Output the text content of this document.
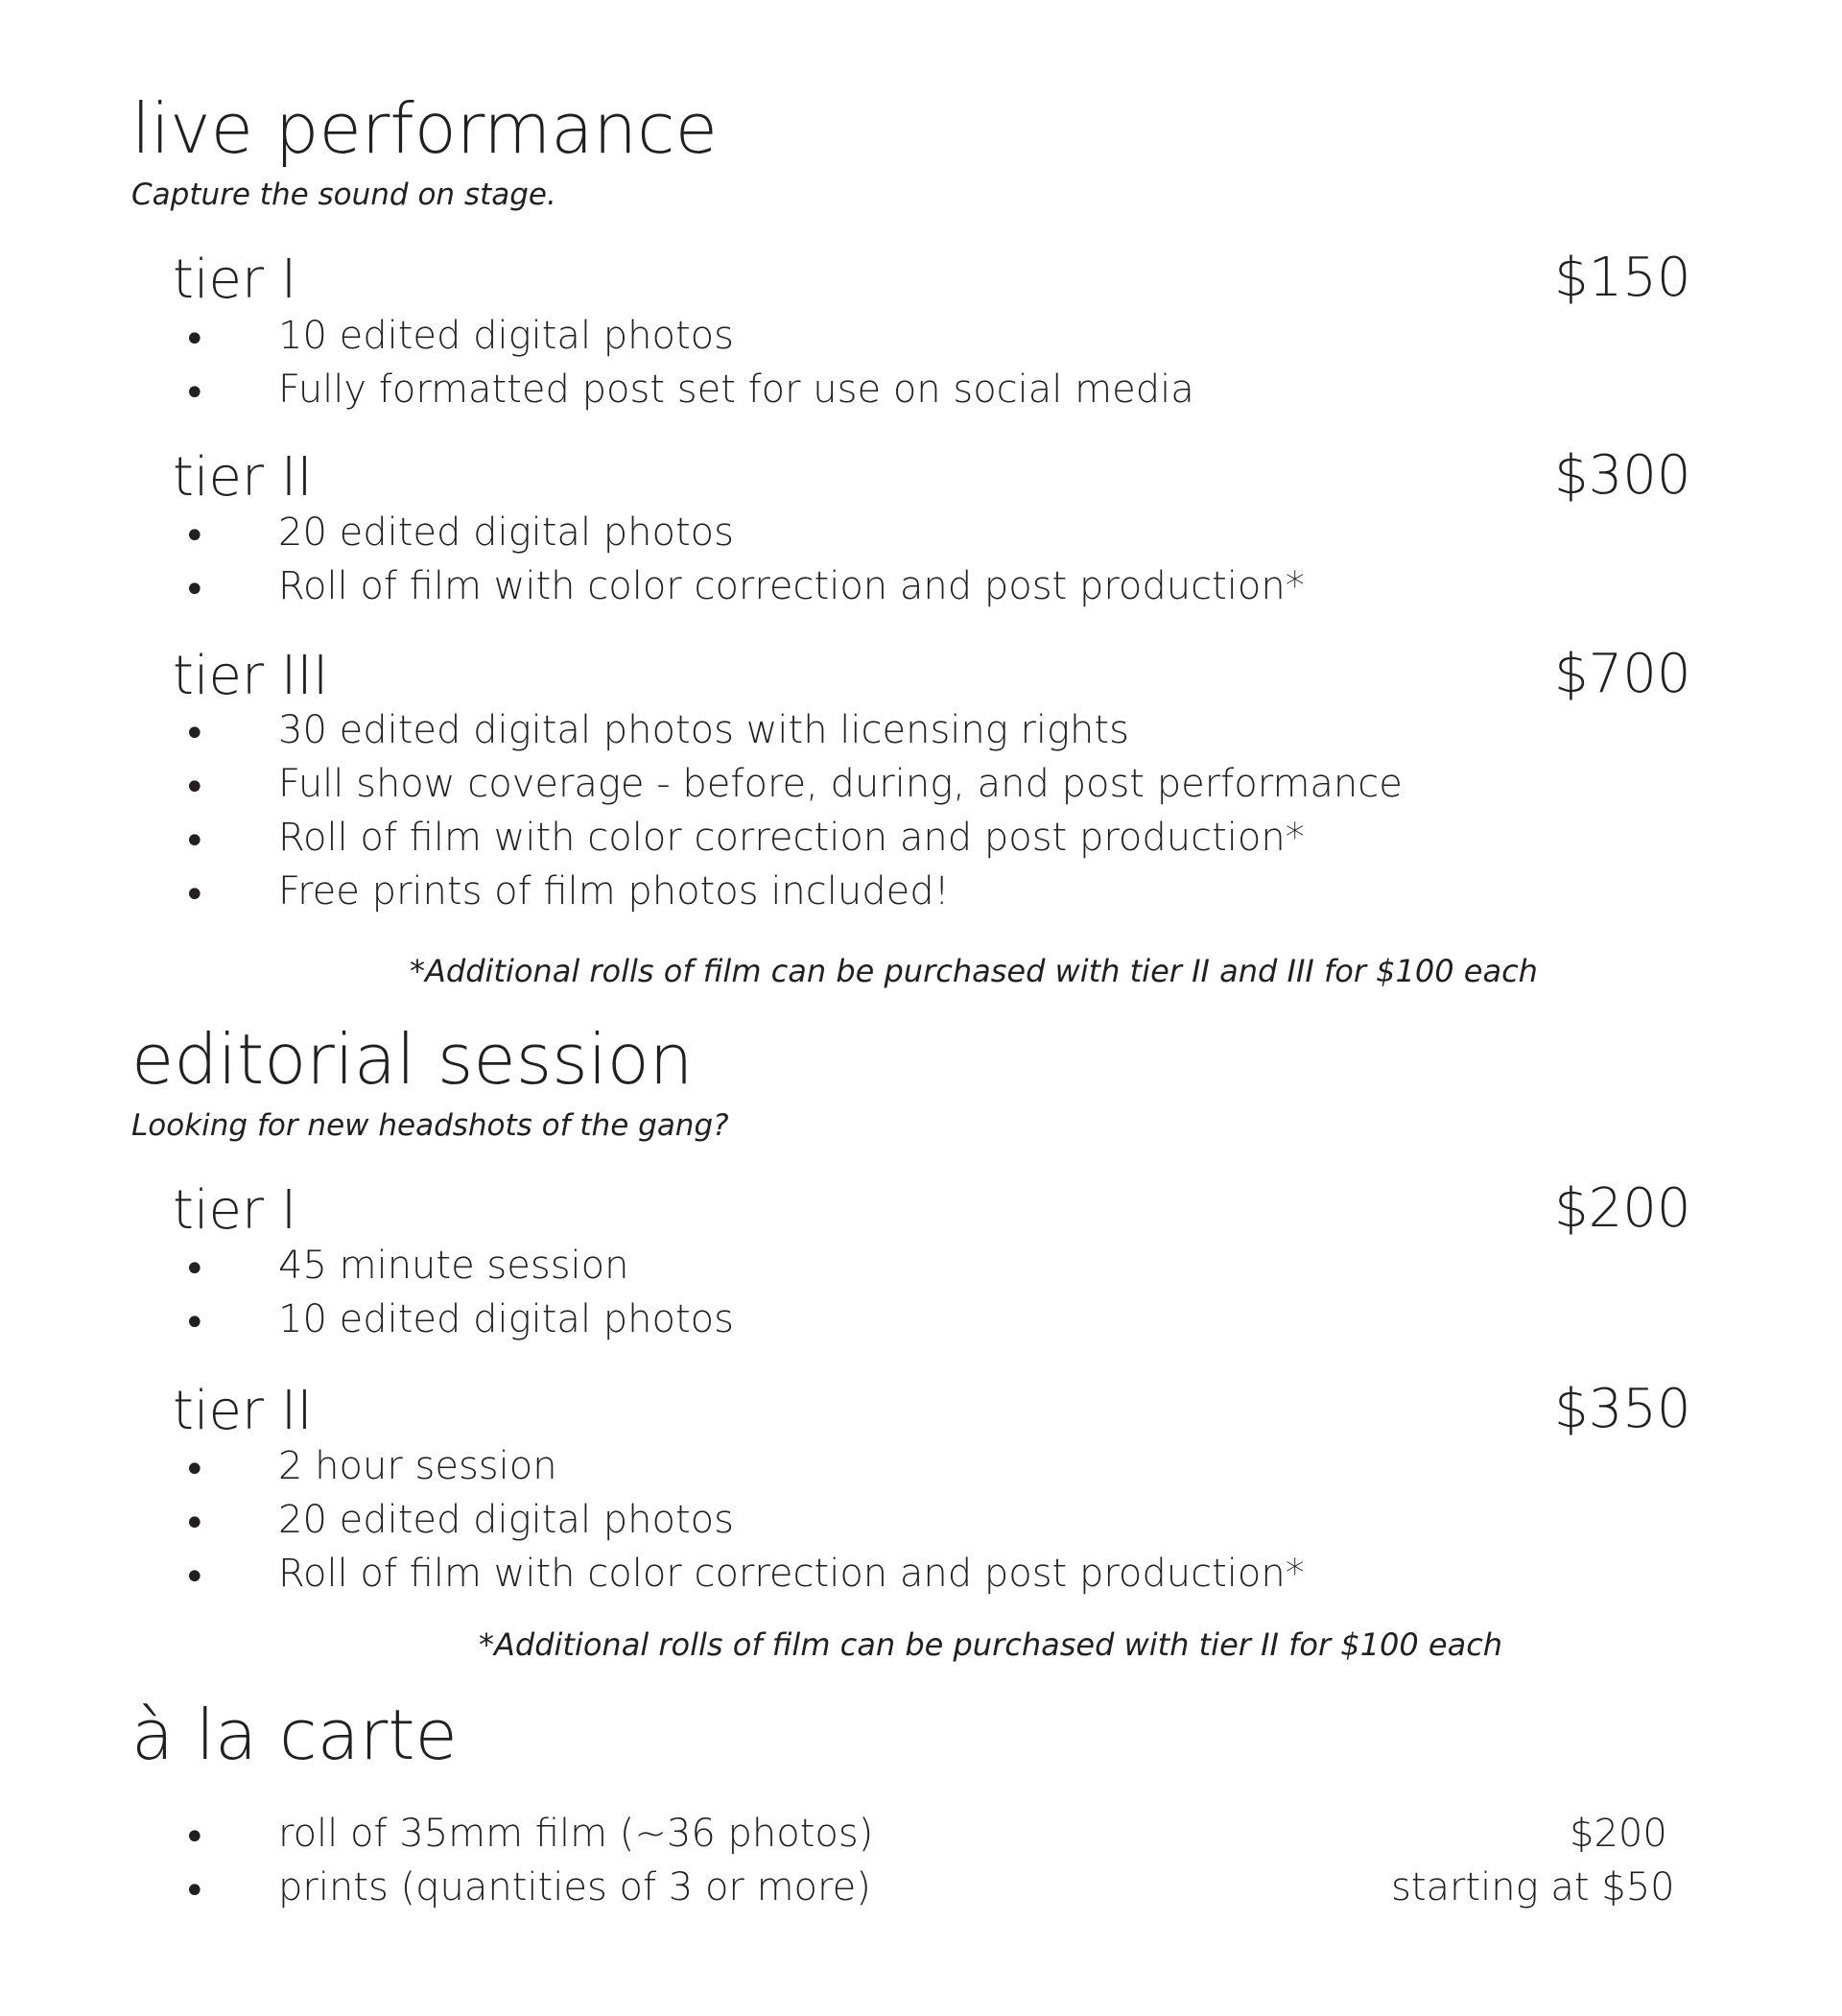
live performance
Capture the sound on stage.
tier I	$150
• 10 edited digital photos
• Fully formatted post set for use on social media
tier II	$300
• 20 edited digital photos
• Roll of film with color correction and post production*
tier III	$700
• 30 edited digital photos with licensing rights
• Full show coverage - before, during, and post performance
• Roll of film with color correction and post production*
• Free prints of film photos included!
*Additional rolls of film can be purchased with tier II and III for $100 each
editorial session
Looking for new headshots of the gang?
tier I	$200
• 45 minute session
• 10 edited digital photos
tier II	$350
• 2 hour session
• 20 edited digital photos
• Roll of film with color correction and post production*
*Additional rolls of film can be purchased with tier II for $100 each
à la carte
• roll of 35mm film (~36 photos)	$200
• prints (quantities of 3 or more)	starting at $50
